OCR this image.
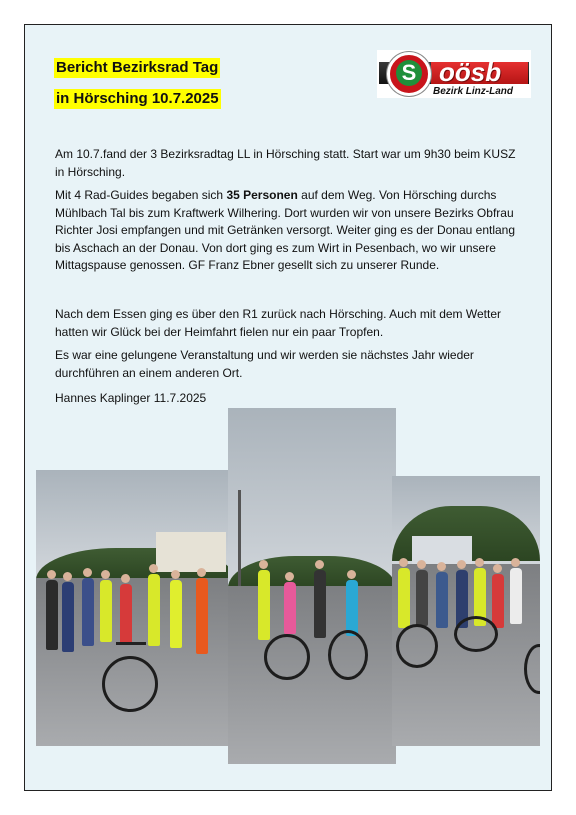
Bericht Bezirksrad Tag
in Hörsching 10.7.2025
oösb
S
Bezirk Linz-Land
Am 10.7.fand der 3 Bezirksradtag LL in Hörsching statt. Start war um 9h30 beim KUSZ in Hörsching.
Mit 4 Rad-Guides begaben sich 35 Personen auf dem Weg. Von Hörsching durchs Mühlbach Tal bis zum Kraftwerk Wilhering. Dort wurden wir von unsere Bezirks Obfrau Richter Josi empfangen und mit Getränken versorgt. Weiter ging es der Donau entlang bis Aschach an der Donau. Von dort ging es zum Wirt in Pesenbach, wo wir unsere Mittagspause genossen. GF Franz Ebner gesellt sich zu unserer Runde.
Nach dem Essen ging es über den R1 zurück nach Hörsching. Auch mit dem Wetter hatten wir Glück bei der Heimfahrt fielen nur ein paar Tropfen.
Es war eine gelungene Veranstaltung und wir werden sie nächstes Jahr wieder durchführen an einem anderen Ort.
Hannes Kaplinger 11.7.2025
